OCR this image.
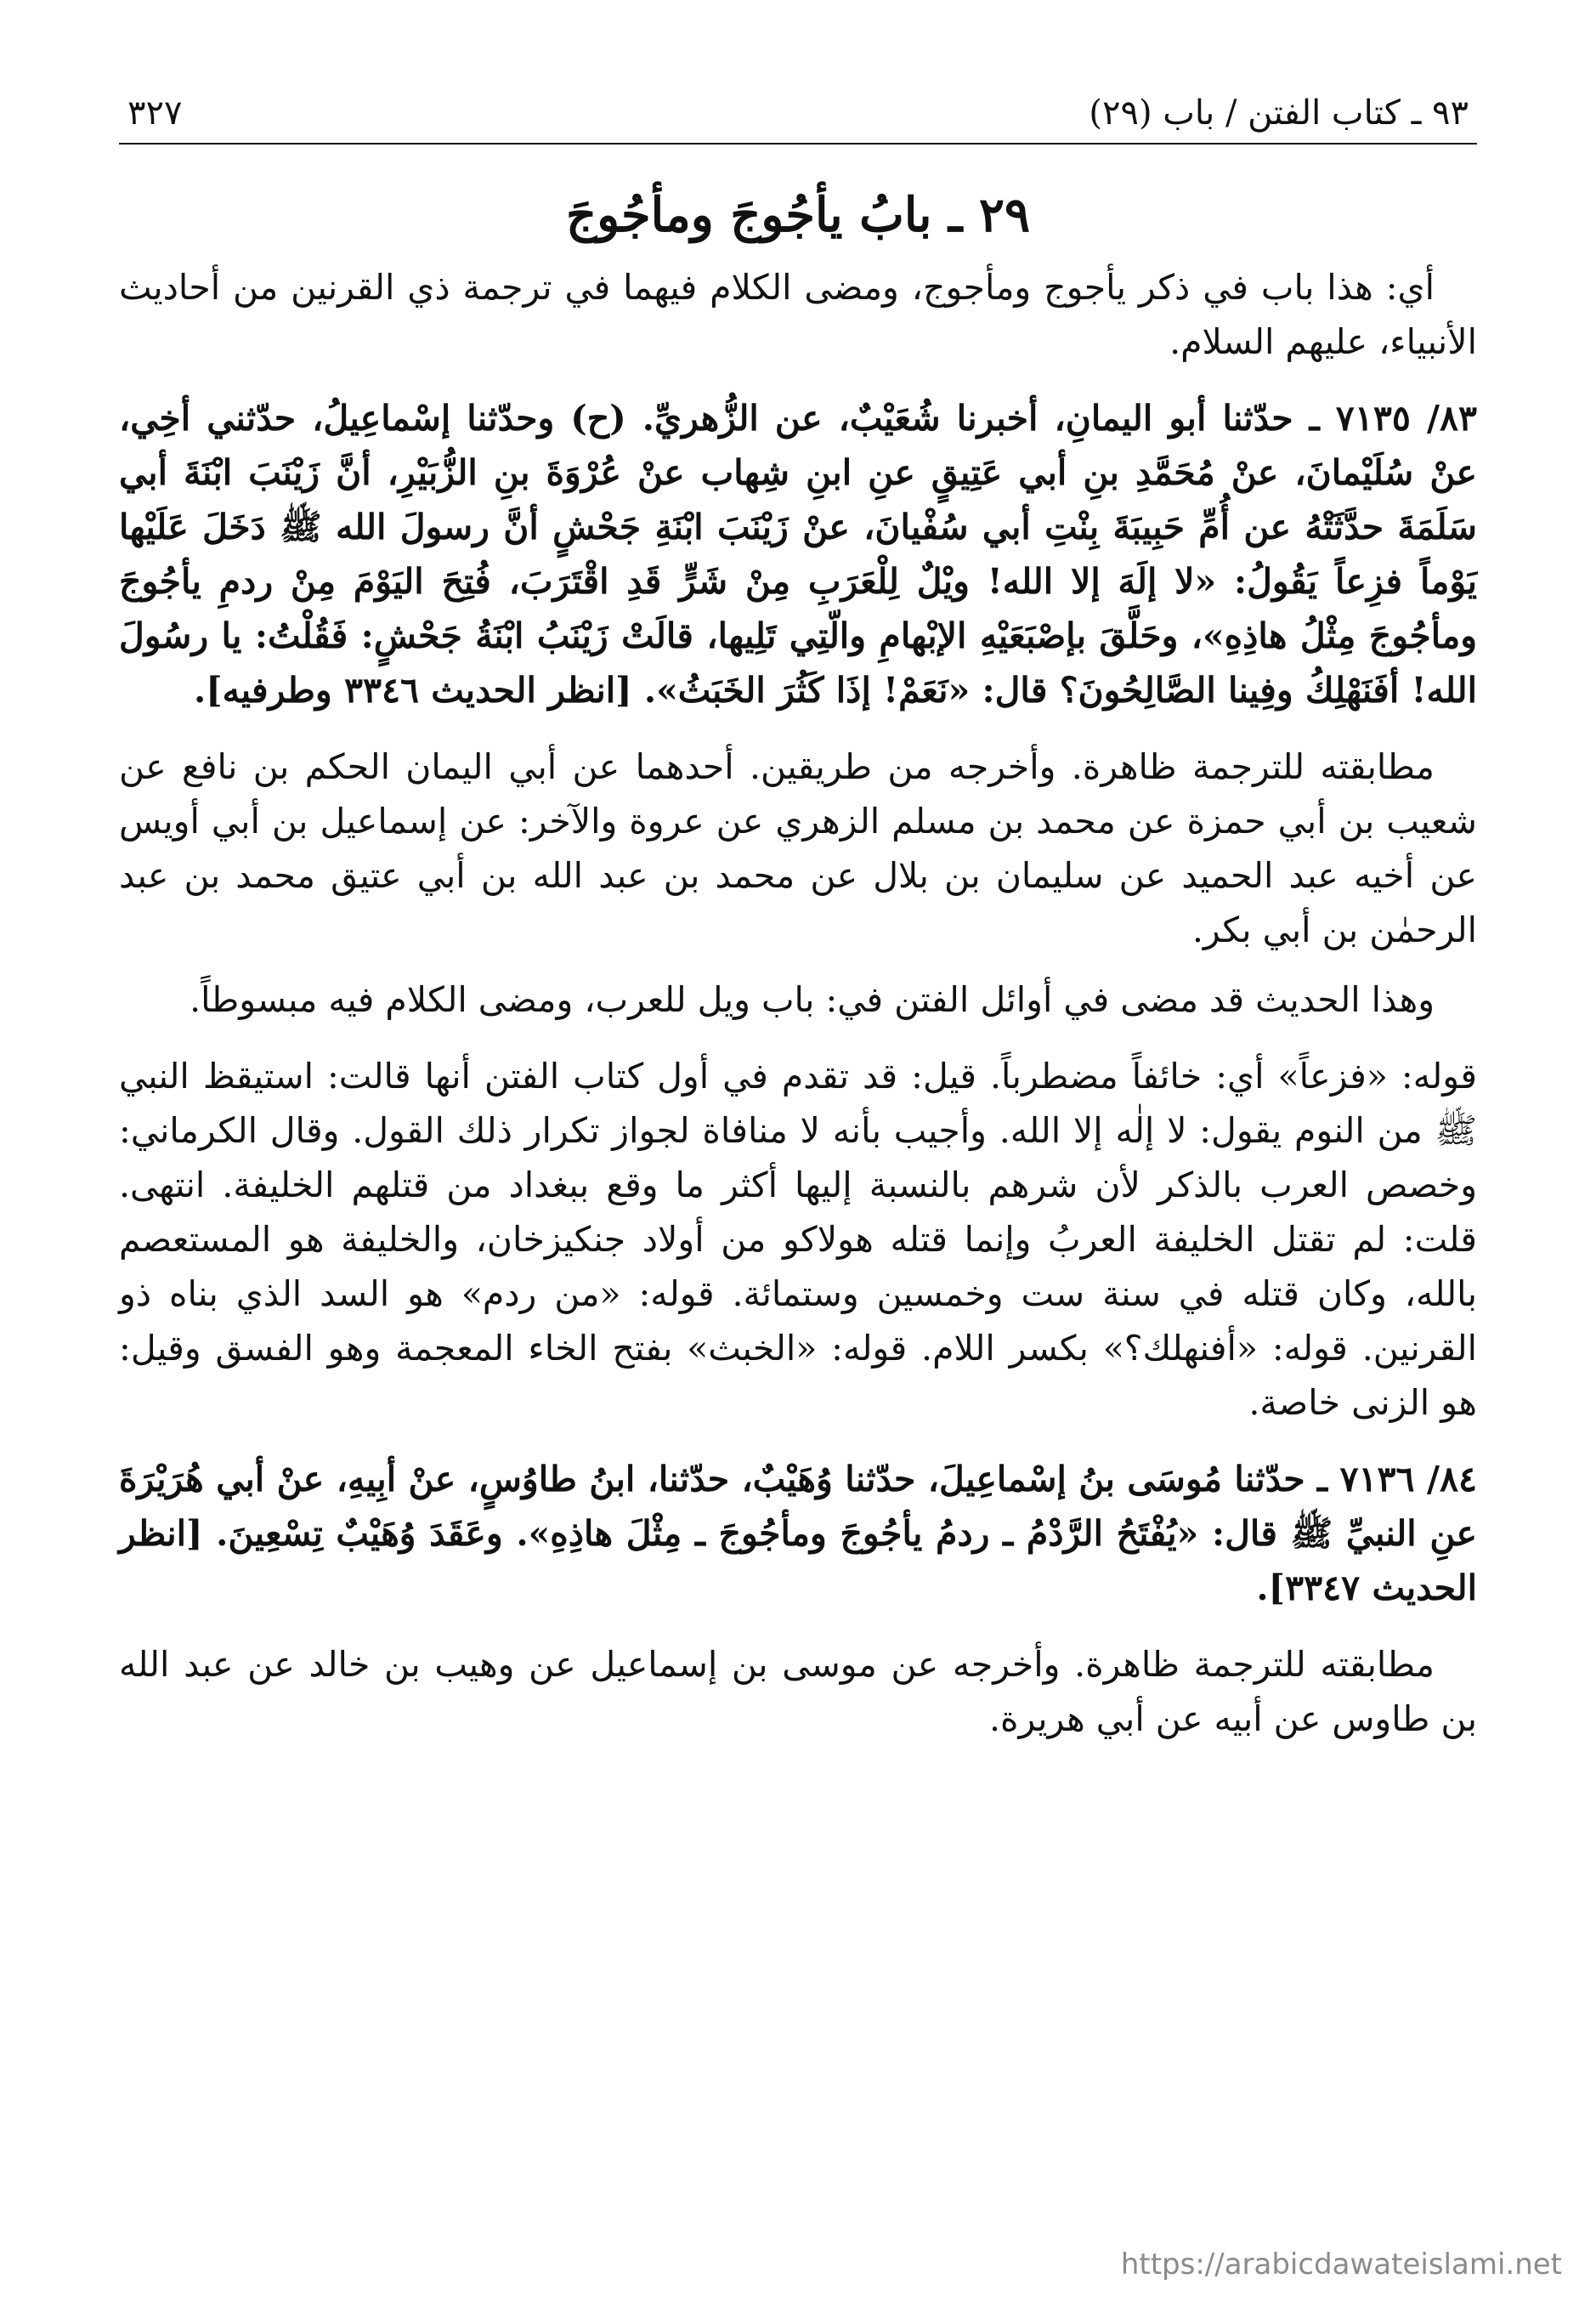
٩٣ ـ كتاب الفتن / باب (٢٩)
٣٢٧
٢٩ ـ بابُ يأجُوجَ ومأجُوجَ

أي: هذا باب في ذكر يأجوج ومأجوج، ومضى الكلام فيهما في ترجمة ذي القرنين من أحاديث الأنبياء، عليهم السلام.

٨٣/ ٧١٣٥ ـ حدّثنا أبو اليمانِ، أخبرنا شُعَيْبٌ، عن الزُّهريِّ. (ح) وحدّثنا إسْماعِيلُ، حدّثني أخِي، عنْ سُلَيْمانَ، عنْ مُحَمَّدِ بنِ أبي عَتِيقٍ عنِ ابنِ شِهاب عنْ عُرْوَةَ بنِ الزُّبَيْرِ، أنَّ زَيْنَبَ ابْنَةَ أبي سَلَمَةَ حدَّثَتْهُ عن أُمِّ حَبِيبَةَ بِنْتِ أبي سُفْيانَ، عنْ زَيْنَبَ ابْنَةِ جَحْشٍ أنَّ رسولَ الله ﷺ دَخَلَ عَلَيْها يَوْماً فزِعاً يَقُولُ: «لا إلَهَ إلا الله! ويْلٌ لِلْعَرَبِ مِنْ شَرٍّ قَدِ اقْتَرَبَ، فُتِحَ اليَوْمَ مِنْ ردمِ يأجُوجَ ومأجُوجَ مِثْلُ هاذِهِ»، وحَلَّقَ بإصْبَعَيْهِ الإبْهامِ والّتِي تَلِيها، قالَتْ زَيْنَبُ ابْنَةُ جَحْشٍ: فَقُلْتُ: يا رسُولَ الله! أفَنَهْلِكُ وفِينا الصَّالِحُونَ؟ قال: «نَعَمْ! إذَا كَثُرَ الخَبَثُ». [انظر الحديث ٣٣٤٦ وطرفيه].

مطابقته للترجمة ظاهرة. وأخرجه من طريقين. أحدهما عن أبي اليمان الحكم بن نافع عن شعيب بن أبي حمزة عن محمد بن مسلم الزهري عن عروة والآخر: عن إسماعيل بن أبي أويس عن أخيه عبد الحميد عن سليمان بن بلال عن محمد بن عبد الله بن أبي عتيق محمد بن عبد الرحمٰن بن أبي بكر.

وهذا الحديث قد مضى في أوائل الفتن في: باب ويل للعرب، ومضى الكلام فيه مبسوطاً.

قوله: «فزعاً» أي: خائفاً مضطرباً. قيل: قد تقدم في أول كتاب الفتن أنها قالت: استيقظ النبي ﷺ من النوم يقول: لا إلٰه إلا الله. وأجيب بأنه لا منافاة لجواز تكرار ذلك القول. وقال الكرماني: وخصص العرب بالذكر لأن شرهم بالنسبة إليها أكثر ما وقع ببغداد من قتلهم الخليفة. انتهى. قلت: لم تقتل الخليفة العربُ وإنما قتله هولاكو من أولاد جنكيزخان، والخليفة هو المستعصم بالله، وكان قتله في سنة ست وخمسين وستمائة. قوله: «من ردم» هو السد الذي بناه ذو القرنين. قوله: «أفنهلك؟» بكسر اللام. قوله: «الخبث» بفتح الخاء المعجمة وهو الفسق وقيل: هو الزنى خاصة.

٨٤/ ٧١٣٦ ـ حدّثنا مُوسَى بنُ إسْماعِيلَ، حدّثنا وُهَيْبٌ، حدّثنا، ابنُ طاوُسٍ، عنْ أبِيهِ، عنْ أبي هُرَيْرَةَ عنِ النبيِّ ﷺ قال: «يُفْتَحُ الرَّدْمُ ـ ردمُ يأجُوجَ ومأجُوجَ ـ مِثْلَ هاذِهِ». وعَقَدَ وُهَيْبٌ تِسْعِينَ. [انظر الحديث ٣٣٤٧].

مطابقته للترجمة ظاهرة. وأخرجه عن موسى بن إسماعيل عن وهيب بن خالد عن عبد الله بن طاوس عن أبيه عن أبي هريرة.

https://arabicdawateislami.net
